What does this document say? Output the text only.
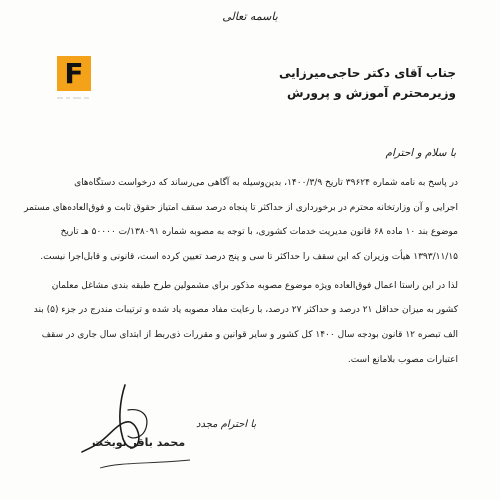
باسمه تعالی
F	جناب آقای دکتر حاجی‌میرزایی
وزیرمحترم آموزش و پرورش
با سلام و احترام
در پاسخ به نامه شماره ۳۹۶۲۴ تاریخ ۱۴۰۰/۳/۹، بدین‌وسیله به آگاهی می‌رساند که درخواست دستگاه‌های
اجرایی و آن وزارتخانه محترم در برخورداری از حداکثر تا پنجاه درصد سقف امتیاز حقوق ثابت و فوق‌العاده‌های مستمر
موضوع بند ۱۰ ماده ۶۸ قانون مدیریت خدمات کشوری، با توجه به مصوبه شماره ۱۳۸۰۹۱/ت ۵۰۰۰۰ هـ تاریخ
۱۳۹۳/۱۱/۱۵ هیأت وزیران که این سقف را حداکثر تا سی و پنج درصد تعیین کرده است، قانونی و قابل‌اجرا نیست.
لذا در این راستا اعمال فوق‌العاده ویژه موضوع مصوبه مذکور برای مشمولین طرح طبقه بندی مشاغل معلمان
کشور به میزان حداقل ۲۱ درصد و حداکثر ۲۷ درصد، با رعایت مفاد مصوبه یاد شده و ترتیبات مندرج در جزء (۵) بند
الف تبصره ۱۲ قانون بودجه سال ۱۴۰۰ کل کشور و سایر قوانین و مقررات ذی‌ربط از ابتدای سال جاری در سقف
اعتبارات مصوب بلامانع است.
با احترام مجدد
محمد باقر نوبخت
